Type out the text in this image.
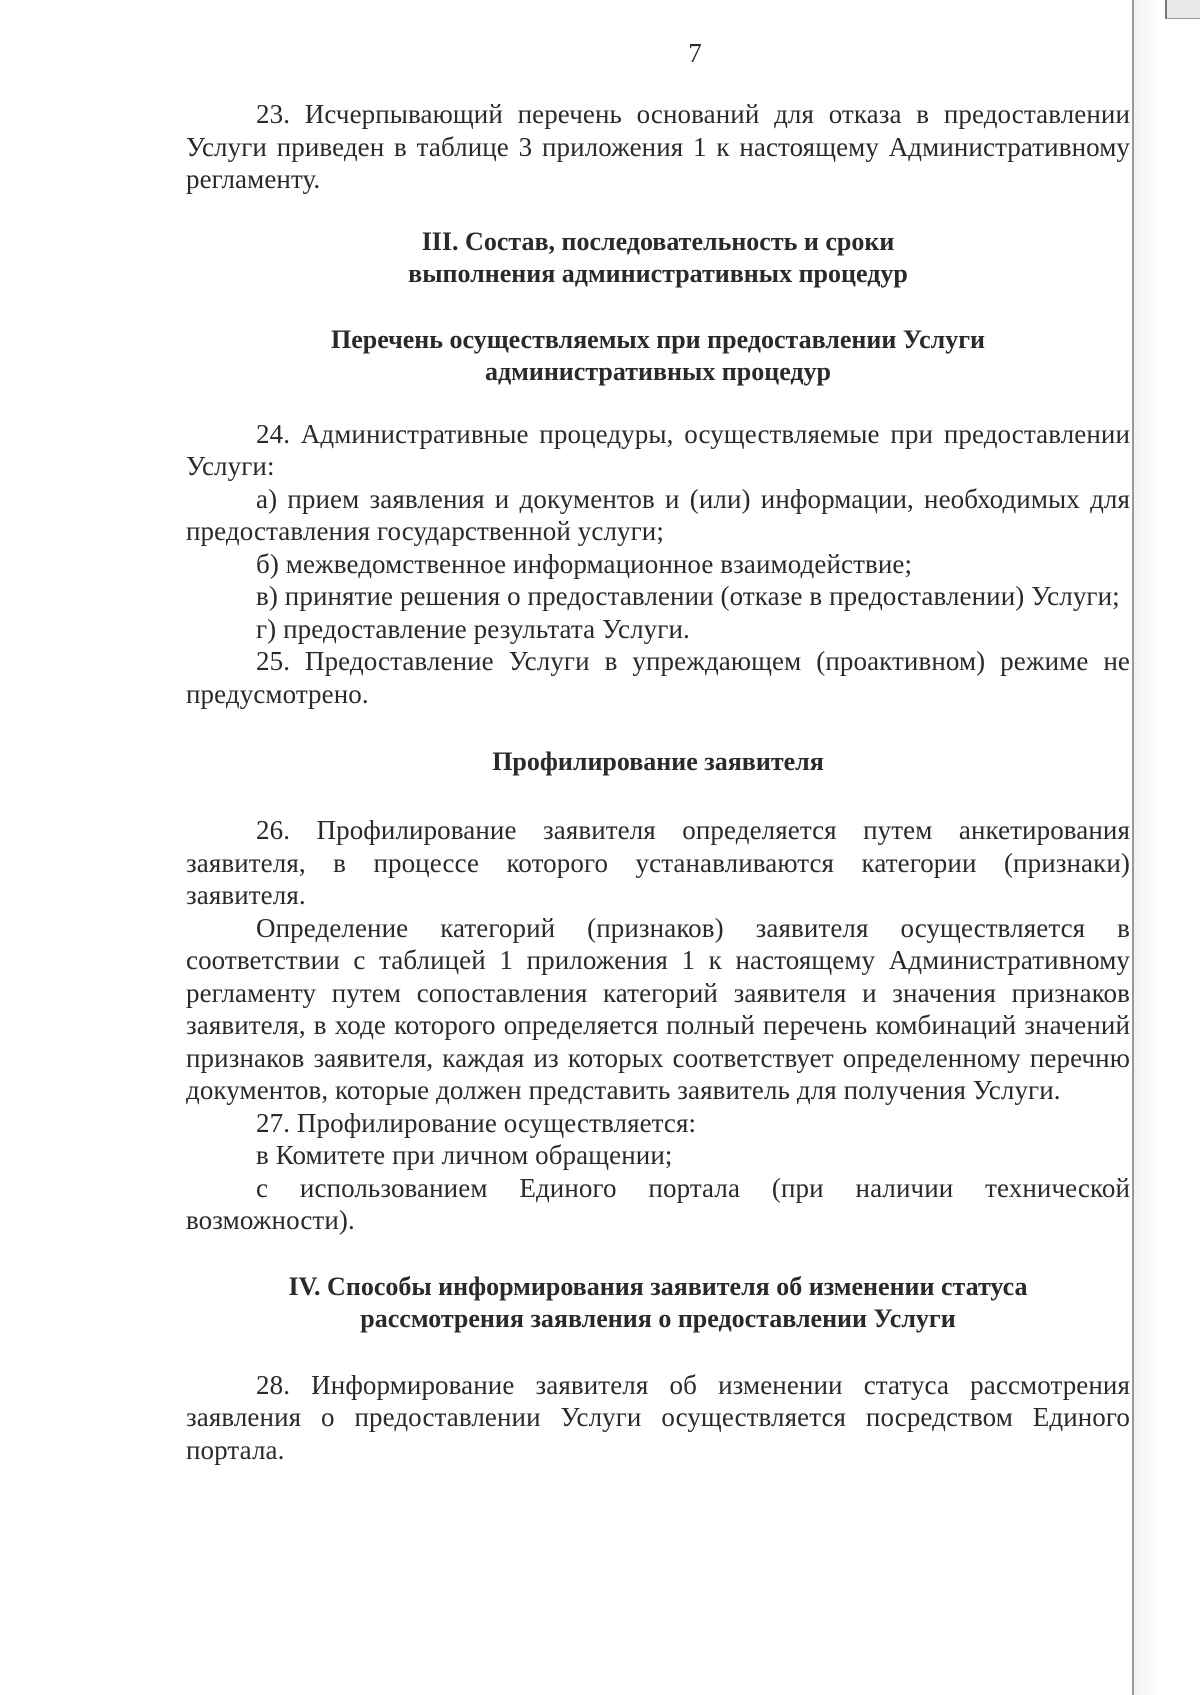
7

23. Исчерпывающий перечень оснований для отказа в предоставлении Услуги приведен в таблице 3 приложения 1 к настоящему Административному регламенту.

III. Состав, последовательность и сроки
выполнения административных процедур
Перечень осуществляемых при предоставлении Услуги
административных процедур

24. Административные процедуры, осуществляемые при предоставлении Услуги:

а) прием заявления и документов и (или) информации, необходимых для предоставления государственной услуги;

б) межведомственное информационное взаимодействие;

в) принятие решения о предоставлении (отказе в предоставлении) Услуги;

г) предоставление результата Услуги.

25. Предоставление Услуги в упреждающем (проактивном) режиме не предусмотрено.

Профилирование заявителя

26. Профилирование заявителя определяется путем анкетирования заявителя, в процессе которого устанавливаются категории (признаки) заявителя.

Определение категорий (признаков) заявителя осуществляется в соответствии с таблицей 1 приложения 1 к настоящему Административному регламенту путем сопоставления категорий заявителя и значения признаков заявителя, в ходе которого определяется полный перечень комбинаций значений признаков заявителя, каждая из которых соответствует определенному перечню документов, которые должен представить заявитель для получения Услуги.

27. Профилирование осуществляется:

в Комитете при личном обращении;

с использованием Единого портала (при наличии технической возможности).

IV. Способы информирования заявителя об изменении статуса
рассмотрения заявления о предоставлении Услуги

28. Информирование заявителя об изменении статуса рассмотрения заявления о предоставлении Услуги осуществляется посредством Единого портала.
